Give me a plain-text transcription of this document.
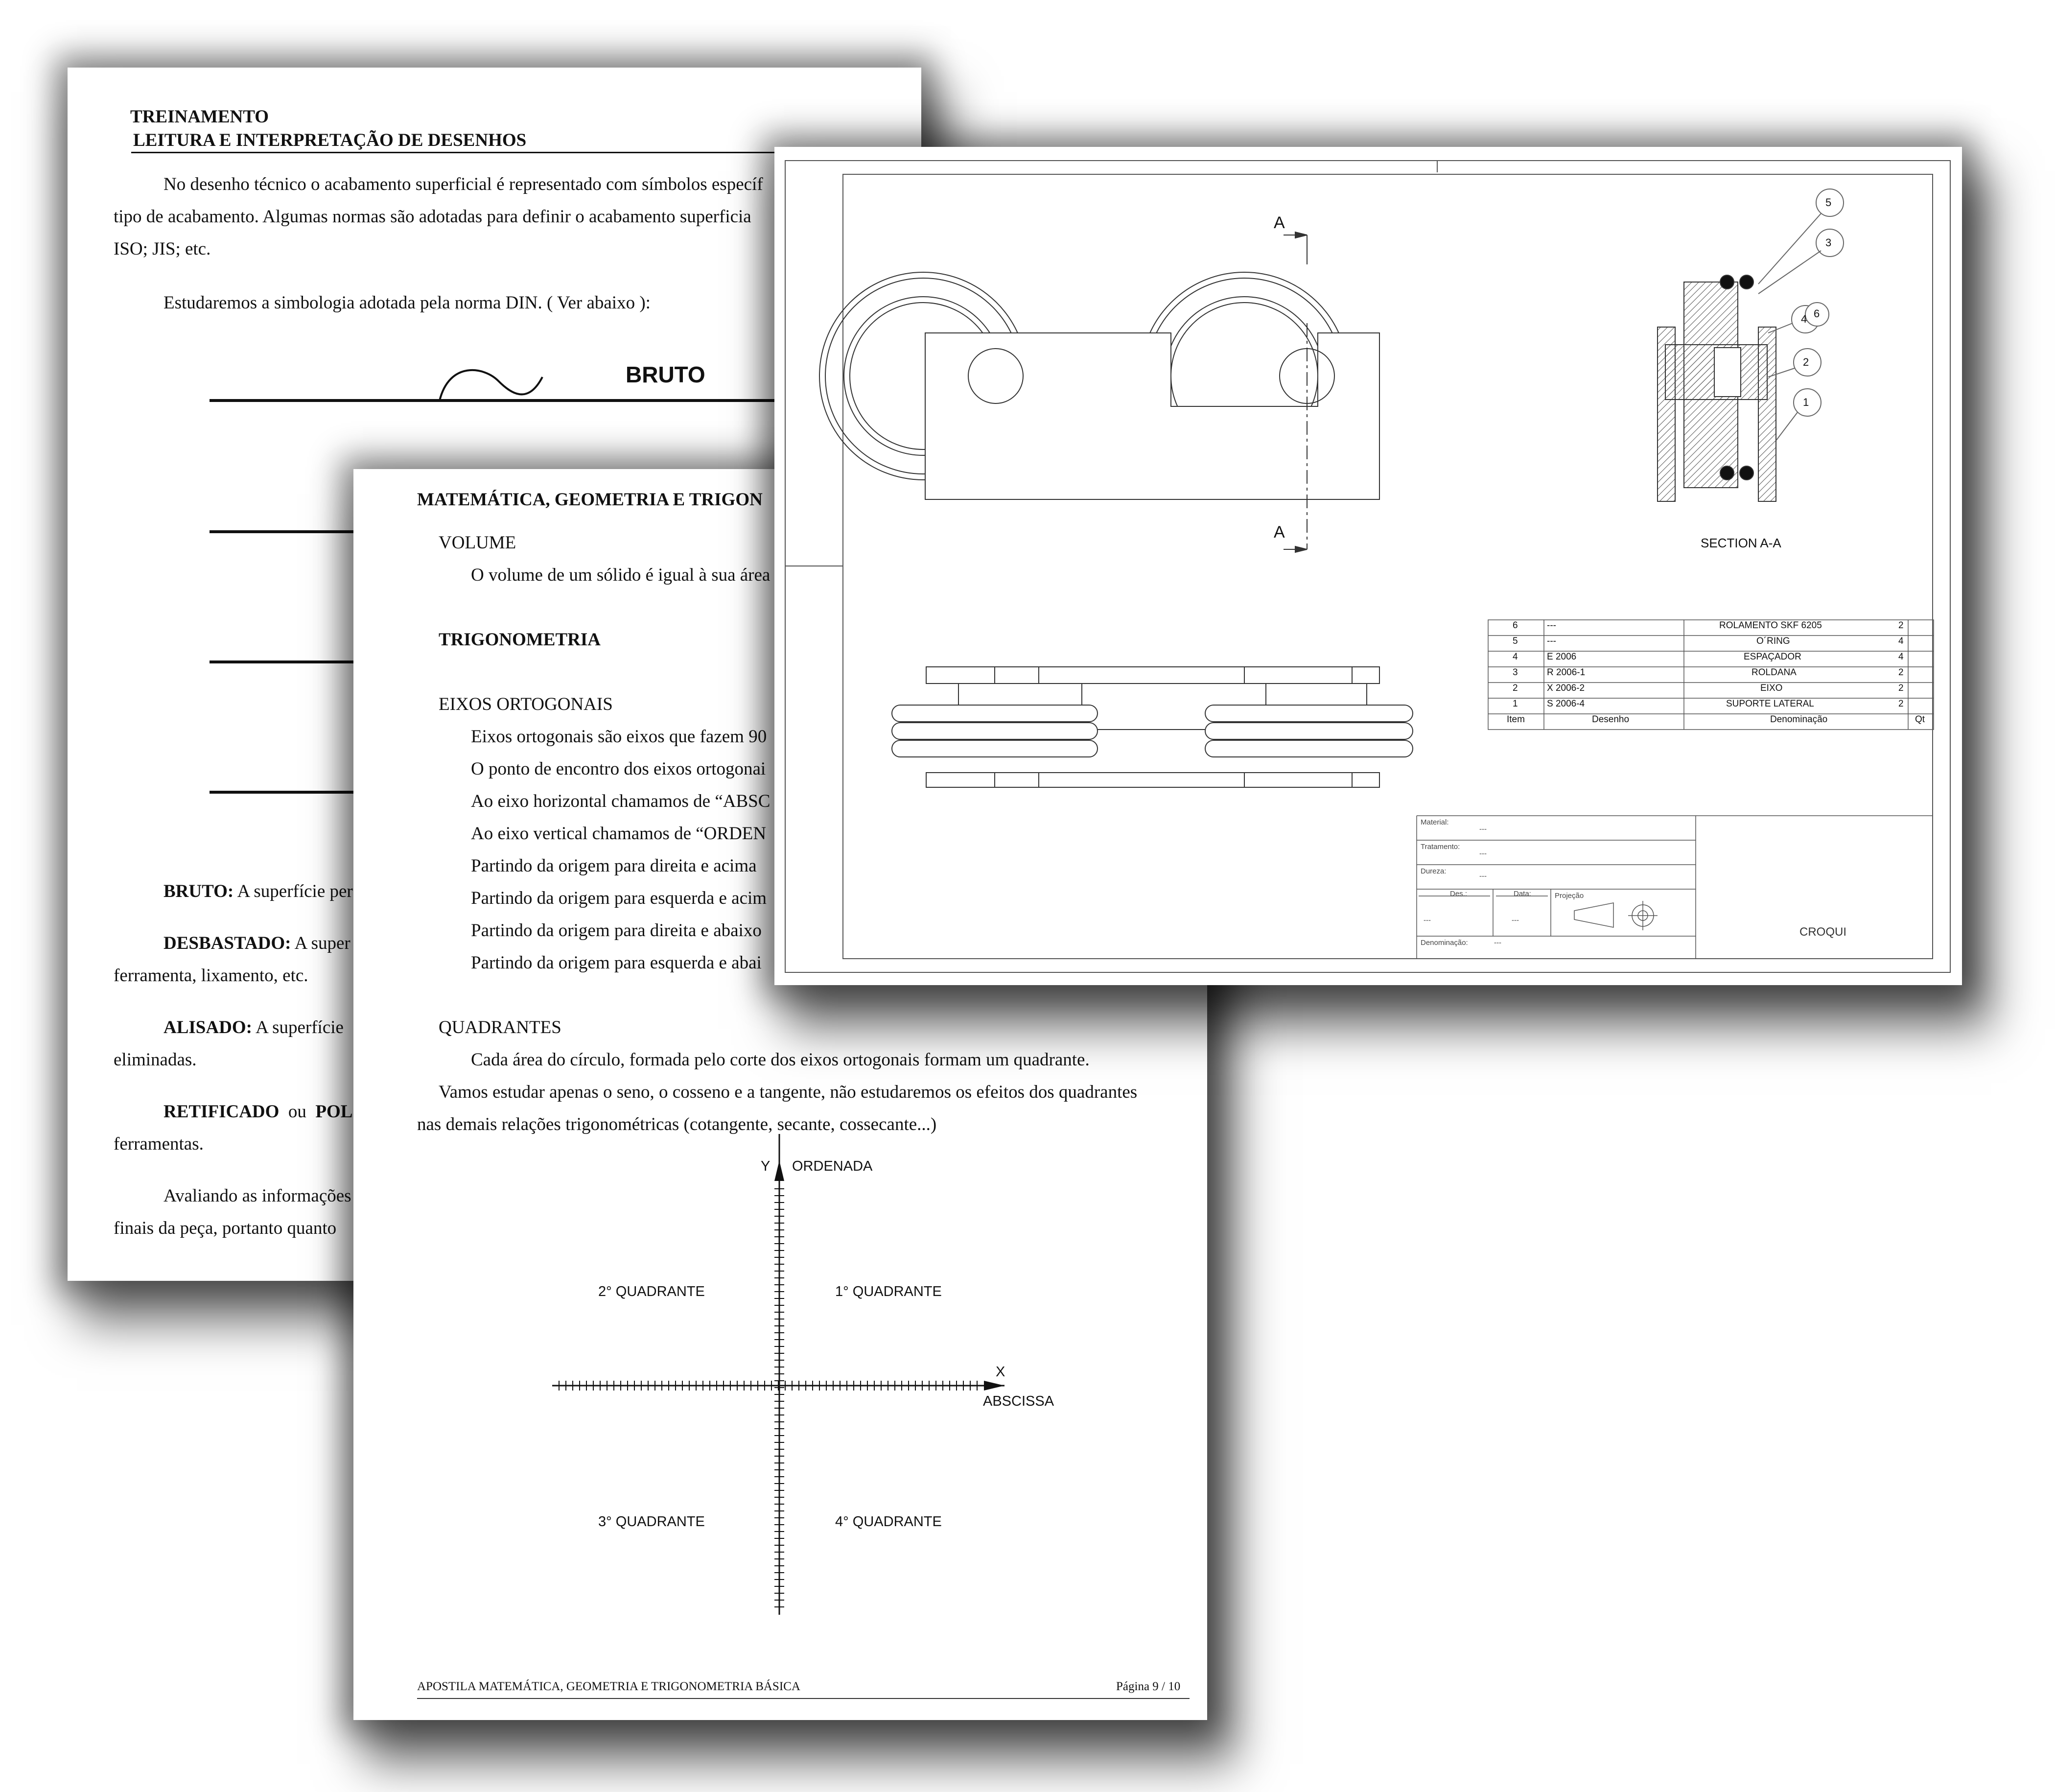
TREINAMENTO
LEITURA E INTERPRETAÇÃO DE DESENHOS
No desenho técnico o acabamento superficial é representado com símbolos específ
tipo de acabamento. Algumas normas são adotadas para definir o acabamento superficia
ISO; JIS; etc.
Estudaremos a simbologia adotada pela norma DIN. ( Ver abaixo ):
BRUTO
BRUTO: A superfície per
DESBASTADO: A super
ferramenta, lixamento, etc.
ALISADO: A superfície
eliminadas.
RETIFICADO ou POL
ferramentas.
Avaliando as informações
finais da peça, portanto quanto
MATEMÁTICA, GEOMETRIA E TRIGON
VOLUME
O volume de um sólido é igual à sua área
TRIGONOMETRIA
EIXOS ORTOGONAIS
Eixos ortogonais são eixos que fazem 90
O ponto de encontro dos eixos ortogonai
Ao eixo horizontal chamamos de “ABSC
Ao eixo vertical chamamos de “ORDEN
Partindo da origem para direita e acima
Partindo da origem para esquerda e acim
Partindo da origem para direita e abaixo
Partindo da origem para esquerda e abai
QUADRANTES
Cada área do círculo, formada pelo corte dos eixos ortogonais formam um quadrante.
Vamos estudar apenas o seno, o cosseno e a tangente, não estudaremos os efeitos dos quadrantes
nas demais relações trigonométricas (cotangente, secante, cossecante...)
Y ORDENADA
X
ABSCISSA
1° QUADRANTE
2° QUADRANTE
3° QUADRANTE	4° QUADRANTE
APOSTILA MATEMÁTICA, GEOMETRIA E TRIGONOMETRIA BÁSICA	Página 9 / 10
A
A
SECTION A-A
5
3
4 6
2
1
6	---	ROLAMENTO SKF 6205	2
5	---	O´RING	4
4	E 2006	ESPAÇADOR	4
3	R 2006-1	ROLDANA	2
2	X 2006-2	EIXO	2
1	S 2006-4	SUPORTE LATERAL	2
Item	Desenho	Denominação	Qt
Material:
---
Tratamento:
---
Dureza:
---
Des.:
---
Data:
---
Projeção
Denominação:	---
CROQUI
